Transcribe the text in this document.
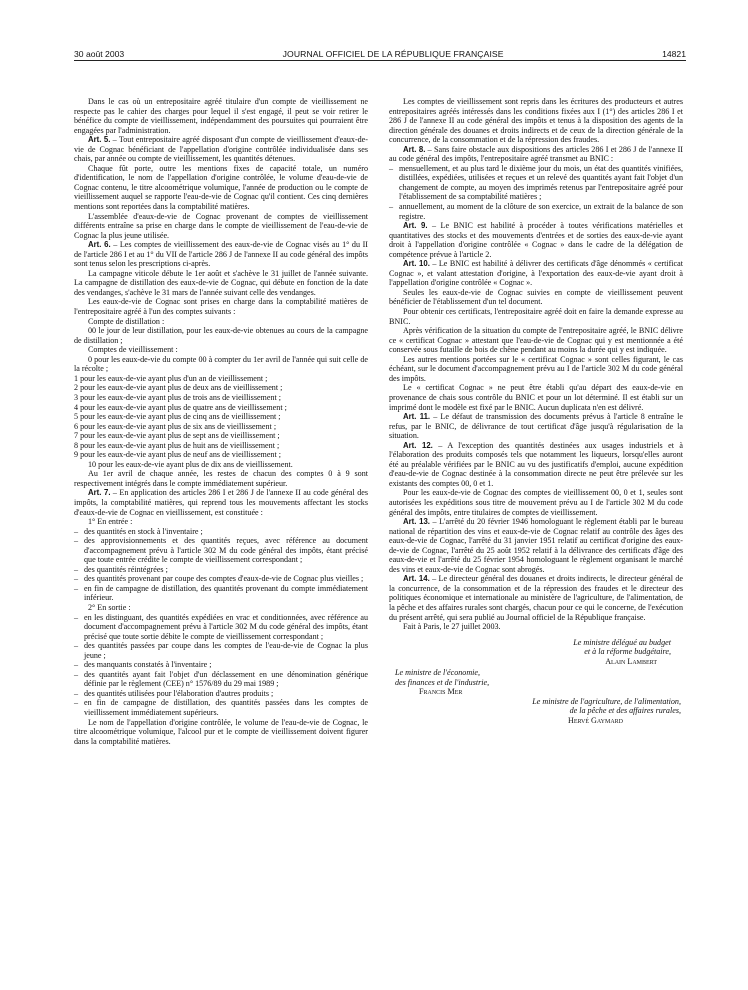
30 août 2003	JOURNAL OFFICIEL DE LA RÉPUBLIQUE FRANÇAISE	14821

Dans le cas où un entrepositaire agréé titulaire d'un compte de vieillissement ne respecte pas le cahier des charges pour lequel il s'est engagé, il peut se voir retirer le bénéfice du compte de vieillissement, indépendamment des poursuites qui pourraient être engagées par l'administration.

Art. 5. – Tout entrepositaire agréé disposant d'un compte de vieillissement d'eaux-de-vie de Cognac bénéficiant de l'appellation d'origine contrôlée individualisée dans ses chais, par année ou compte de vieillissement, les quantités détenues.

Chaque fût porte, outre les mentions fixes de capacité totale, un numéro d'identification, le nom de l'appellation d'origine contrôlée, le volume d'eau-de-vie de Cognac contenu, le titre alcoométrique volumique, l'année de production ou le compte de vieillissement auquel se rapporte l'eau-de-vie de Cognac qu'il contient. Ces cinq dernières mentions sont reportées dans la comptabilité matières.

L'assemblée d'eaux-de-vie de Cognac provenant de comptes de vieillissement différents entraîne sa prise en charge dans le compte de vieillissement de l'eau-de-vie de Cognac la plus jeune utilisée.

Art. 6. – Les comptes de vieillissement des eaux-de-vie de Cognac visés au 1° du II de l'article 286 I et au 1° du VII de l'article 286 J de l'annexe II au code général des impôts sont tenus selon les prescriptions ci-après.

La campagne viticole débute le 1er août et s'achève le 31 juillet de l'année suivante. La campagne de distillation des eaux-de-vie de Cognac, qui débute en fonction de la date des vendanges, s'achève le 31 mars de l'année suivant celle des vendanges.

Les eaux-de-vie de Cognac sont prises en charge dans la comptabilité matières de l'entrepositaire agréé à l'un des comptes suivants :

Compte de distillation :

00 le jour de leur distillation, pour les eaux-de-vie obtenues au cours de la campagne de distillation ;

Comptes de vieillissement :

0 pour les eaux-de-vie du compte 00 à compter du 1er avril de l'année qui suit celle de la récolte ;

1 pour les eaux-de-vie ayant plus d'un an de vieillissement ;

2 pour les eaux-de-vie ayant plus de deux ans de vieillissement ;

3 pour les eaux-de-vie ayant plus de trois ans de vieillissement ;

4 pour les eaux-de-vie ayant plus de quatre ans de vieillissement ;

5 pour les eaux-de-vie ayant plus de cinq ans de vieillissement ;

6 pour les eaux-de-vie ayant plus de six ans de vieillissement ;

7 pour les eaux-de-vie ayant plus de sept ans de vieillissement ;

8 pour les eaux-de-vie ayant plus de huit ans de vieillissement ;

9 pour les eaux-de-vie ayant plus de neuf ans de vieillissement ;

10 pour les eaux-de-vie ayant plus de dix ans de vieillissement.

Au 1er avril de chaque année, les restes de chacun des comptes 0 à 9 sont respectivement intégrés dans le compte immédiatement supérieur.

Art. 7. – En application des articles 286 I et 286 J de l'annexe II au code général des impôts, la comptabilité matières, qui reprend tous les mouvements affectant les stocks d'eaux-de-vie de Cognac en vieillissement, est constituée :

1° En entrée :

– des quantités en stock à l'inventaire ;

– des approvisionnements et des quantités reçues, avec référence au document d'accompagnement prévu à l'article 302 M du code général des impôts, étant précisé que toute entrée crédite le compte de vieillissement correspondant ;

– des quantités réintégrées ;

– des quantités provenant par coupe des comptes d'eaux-de-vie de Cognac plus vieilles ;

– en fin de campagne de distillation, des quantités provenant du compte immédiatement inférieur.

2° En sortie :

– en les distinguant, des quantités expédiées en vrac et conditionnées, avec référence au document d'accompagnement prévu à l'article 302 M du code général des impôts, étant précisé que toute sortie débite le compte de vieillissement correspondant ;

– des quantités passées par coupe dans les comptes de l'eau-de-vie de Cognac la plus jeune ;

– des manquants constatés à l'inventaire ;

– des quantités ayant fait l'objet d'un déclassement en une dénomination générique définie par le règlement (CEE) n° 1576/89 du 29 mai 1989 ;

– des quantités utilisées pour l'élaboration d'autres produits ;

– en fin de campagne de distillation, des quantités passées dans les comptes de vieillissement immédiatement supérieurs.

Le nom de l'appellation d'origine contrôlée, le volume de l'eau-de-vie de Cognac, le titre alcoométrique volumique, l'alcool pur et le compte de vieillissement doivent figurer dans la comptabilité matières.

Les comptes de vieillissement sont repris dans les écritures des producteurs et autres entrepositaires agréés intéressés dans les conditions fixées aux I (1°) des articles 286 I et 286 J de l'annexe II au code général des impôts et tenus à la disposition des agents de la direction générale des douanes et droits indirects et de ceux de la direction générale de la concurrence, de la consommation et de la répression des fraudes.

Art. 8. – Sans faire obstacle aux dispositions des articles 286 I et 286 J de l'annexe II au code général des impôts, l'entrepositaire agréé transmet au BNIC :

– mensuellement, et au plus tard le dixième jour du mois, un état des quantités vinifiées, distillées, expédiées, utilisées et reçues et un relevé des quantités ayant fait l'objet d'un changement de compte, au moyen des imprimés retenus par l'entrepositaire agréé pour l'établissement de sa comptabilité matières ;

– annuellement, au moment de la clôture de son exercice, un extrait de la balance de son registre.

Art. 9. – Le BNIC est habilité à procéder à toutes vérifications matérielles et quantitatives des stocks et des mouvements d'entrées et de sorties des eaux-de-vie ayant droit à l'appellation d'origine contrôlée « Cognac » dans le cadre de la délégation de compétence prévue à l'article 2.

Art. 10. – Le BNIC est habilité à délivrer des certificats d'âge dénommés « certificat Cognac », et valant attestation d'origine, à l'exportation des eaux-de-vie ayant droit à l'appellation d'origine contrôlée « Cognac ».

Seules les eaux-de-vie de Cognac suivies en compte de vieillissement peuvent bénéficier de l'établissement d'un tel document.

Pour obtenir ces certificats, l'entrepositaire agréé doit en faire la demande expresse au BNIC.

Après vérification de la situation du compte de l'entrepositaire agréé, le BNIC délivre ce « certificat Cognac » attestant que l'eau-de-vie de Cognac qui y est mentionnée a été conservée sous futaille de bois de chêne pendant au moins la durée qui y est indiquée.

Les autres mentions portées sur le « certificat Cognac » sont celles figurant, le cas échéant, sur le document d'accompagnement prévu au I de l'article 302 M du code général des impôts.

Le « certificat Cognac » ne peut être établi qu'au départ des eaux-de-vie en provenance de chais sous contrôle du BNIC et pour un lot déterminé. Il est établi sur un imprimé dont le modèle est fixé par le BNIC. Aucun duplicata n'en est délivré.

Art. 11. – Le défaut de transmission des documents prévus à l'article 8 entraîne le refus, par le BNIC, de délivrance de tout certificat d'âge jusqu'à régularisation de la situation.

Art. 12. – A l'exception des quantités destinées aux usages industriels et à l'élaboration des produits composés tels que notamment les liqueurs, lorsqu'elles auront été au préalable vérifiées par le BNIC au vu des justificatifs d'emploi, aucune expédition d'eau-de-vie de Cognac destinée à la consommation directe ne peut être prélevée sur les existants des comptes 00, 0 et 1.

Pour les eaux-de-vie de Cognac des comptes de vieillissement 00, 0 et 1, seules sont autorisées les expéditions sous titre de mouvement prévu au I de l'article 302 M du code général des impôts, entre titulaires de comptes de vieillissement.

Art. 13. – L'arrêté du 20 février 1946 homologuant le règlement établi par le bureau national de répartition des vins et eaux-de-vie de Cognac relatif au contrôle des âges des eaux-de-vie de Cognac, l'arrêté du 31 janvier 1951 relatif au certificat d'origine des eaux-de-vie de Cognac, l'arrêté du 25 août 1952 relatif à la délivrance des certificats d'âge des eaux-de-vie et l'arrêté du 25 février 1954 homologuant le règlement organisant le marché des vins et eaux-de-vie de Cognac sont abrogés.

Art. 14. – Le directeur général des douanes et droits indirects, le directeur général de la concurrence, de la consommation et de la répression des fraudes et le directeur des politiques économique et internationale au ministère de l'agriculture, de l'alimentation, de la pêche et des affaires rurales sont chargés, chacun pour ce qui le concerne, de l'exécution du présent arrêté, qui sera publié au Journal officiel de la République française.

Fait à Paris, le 27 juillet 2003.

Le ministre délégué au budget
et à la réforme budgétaire,
Alain Lambert
Le ministre de l'économie,
des finances et de l'industrie,
Francis Mer
Le ministre de l'agriculture, de l'alimentation,
de la pêche et des affaires rurales,
Hervé Gaymard
